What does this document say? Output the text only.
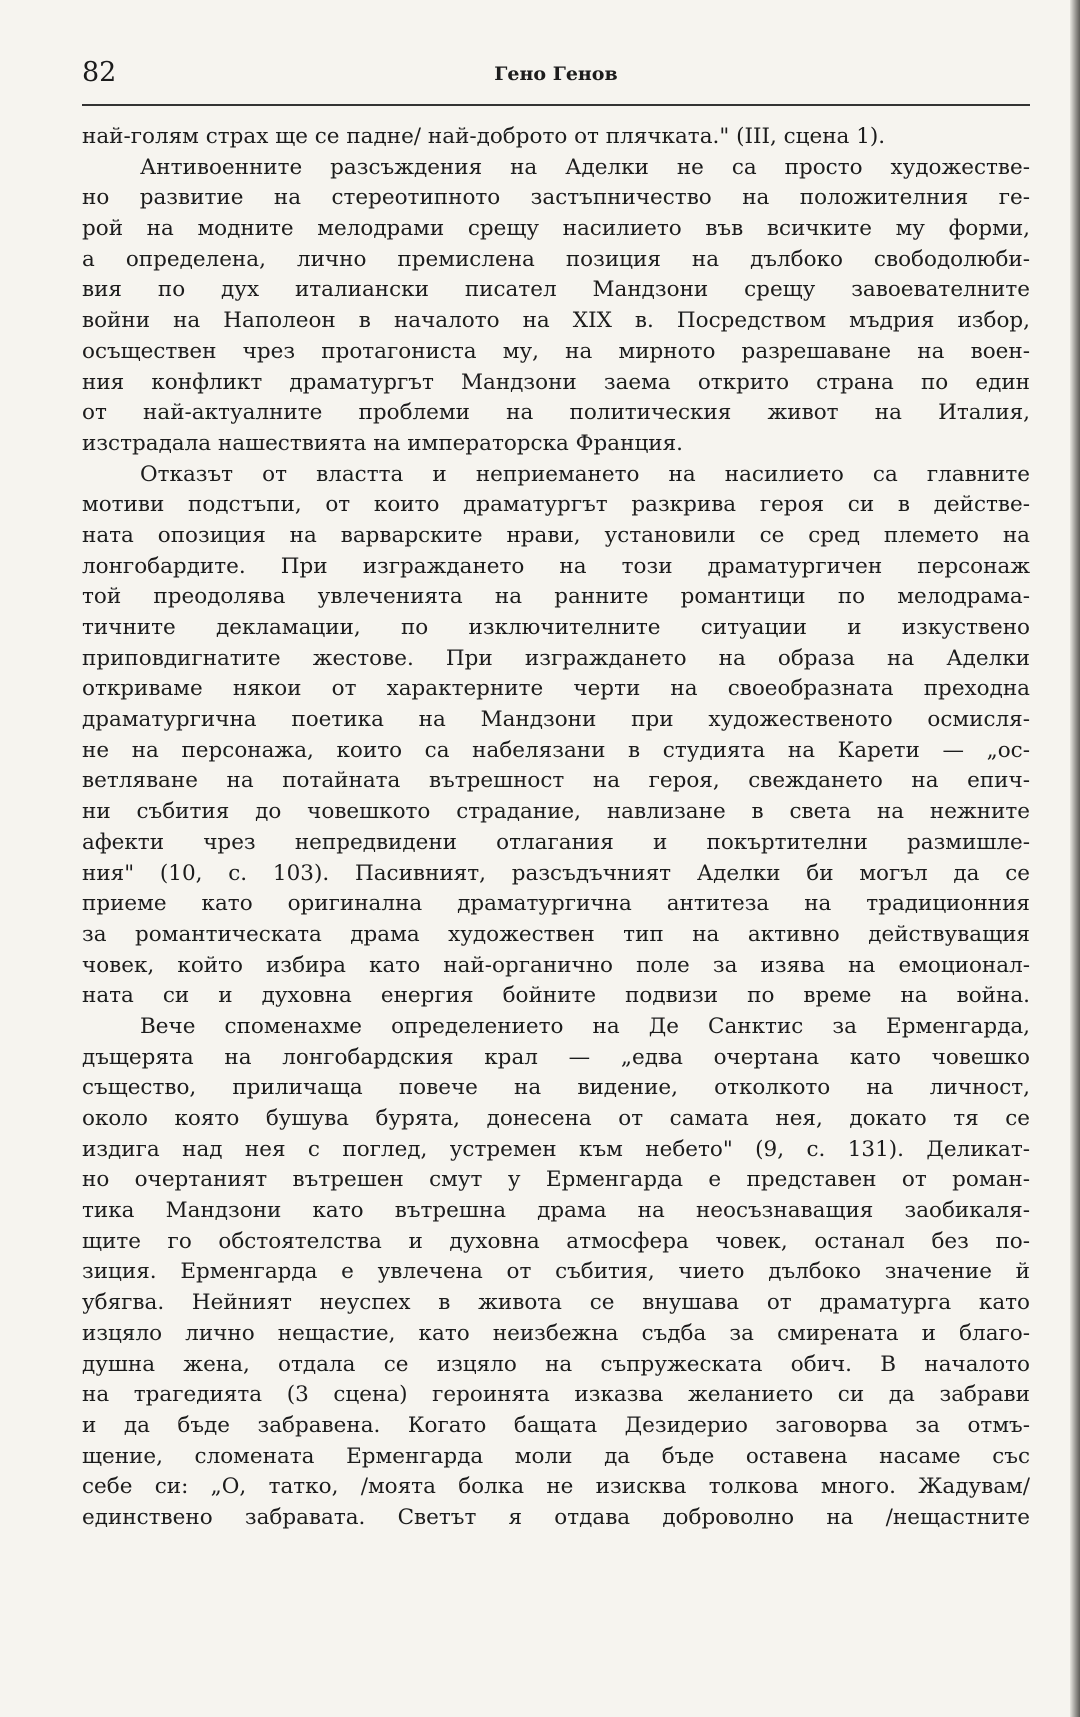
82	Гено Генов
най-голям страх ще се падне/ най-доброто от плячката." (III, сцена 1).
Антивоенните разсъждения на Аделки не са просто художестве-
но развитие на стереотипното застъпничество на положителния ге-
рой на модните мелодрами срещу насилието във всичките му форми,
а определена, лично премислена позиция на дълбоко свободолюби-
вия по дух италиански писател Мандзони срещу завоевателните
войни на Наполеон в началото на XIX в. Посредством мъдрия избор,
осъществен чрез протагониста му, на мирното разрешаване на воен-
ния конфликт драматургът Мандзони заема открито страна по един
от най-актуалните проблеми на политическия живот на Италия,
изстрадала нашествията на императорска Франция.
Отказът от властта и неприемането на насилието са главните
мотиви подстъпи, от които драматургът разкрива героя си в действе-
ната опозиция на варварските нрави, установили се сред племето на
лонгобардите. При изграждането на този драматургичен персонаж
той преодолява увлеченията на ранните романтици по мелодрама-
тичните декламации, по изключителните ситуации и изкуствено
приповдигнатите жестове. При изграждането на образа на Аделки
откриваме някои от характерните черти на своеобразната преходна
драматургична поетика на Мандзони при художественото осмисля-
не на персонажа, които са набелязани в студията на Карети — „ос-
ветляване на потайната вътрешност на героя, свеждането на епич-
ни събития до човешкото страдание, навлизане в света на нежните
афекти чрез непредвидени отлагания и покъртителни размишле-
ния" (10, с. 103). Пасивният, разсъдъчният Аделки би могъл да се
приеме като оригинална драматургична антитеза на традиционния
за романтическата драма художествен тип на активно действуващия
човек, който избира като най-органично поле за изява на емоционал-
ната си и духовна енергия бойните подвизи по време на война.
Вече споменахме определението на Де Санктис за Ерменгарда,
дъщерята на лонгобардския крал — „едва очертана като човешко
същество, приличаща повече на видение, отколкото на личност,
около която бушува бурята, донесена от самата нея, докато тя се
издига над нея с поглед, устремен към небето" (9, с. 131). Деликат-
но очертаният вътрешен смут у Ерменгарда е представен от роман-
тика Мандзони като вътрешна драма на неосъзнаващия заобикаля-
щите го обстоятелства и духовна атмосфера човек, останал без по-
зиция. Ерменгарда е увлечена от събития, чието дълбоко значение й
убягва. Нейният неуспех в живота се внушава от драматурга като
изцяло лично нещастие, като неизбежна съдба за смирената и благо-
душна жена, отдала се изцяло на съпружеската обич. В началото
на трагедията (3 сцена) героинята изказва желанието си да забрави
и да бъде забравена. Когато бащата Дезидерио заговорва за отмъ-
щение, сломената Ерменгарда моли да бъде оставена насаме със
себе си: „О, татко, /моята болка не изисква толкова много. Жадувам/
единствено забравата. Светът я отдава доброволно на /нещастните
